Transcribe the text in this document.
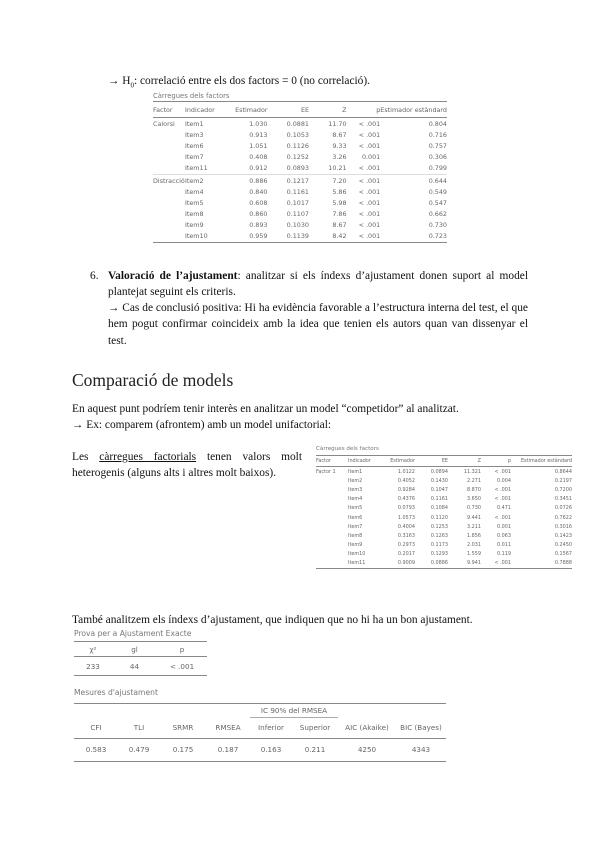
→ $H_0$: correlació entre els dos factors = 0 (no correlació).
Càrregues dels factors
Factor	Indicador	Estimador	EE	Z	p	Estimador estàndard
Calorsi	Item1	1.030	0.0881	11.70	< .001	0.804
	Item3	0.913	0.1053	8.67	< .001	0.716
	Item6	1.051	0.1126	9.33	< .001	0.757
	Item7	0.408	0.1252	3.26	0.001	0.306
	Item11	0.912	0.0893	10.21	< .001	0.799
Distracció	Item2	0.886	0.1217	7.20	< .001	0.644
	Item4	0.840	0.1161	5.86	< .001	0.549
	Item5	0.608	0.1017	5.98	< .001	0.547
	Item8	0.860	0.1107	7.86	< .001	0.662
	Item9	0.893	0.1030	8.67	< .001	0.730
	Item10	0.959	0.1139	8.42	< .001	0.723
6. Valoració de l’ajustament: analitzar si els índexs d’ajustament donen suport al model plantejat seguint els criteris.
→ Cas de conclusió positiva: Hi ha evidència favorable a l’estructura interna del test, el que hem pogut confirmar coincideix amb la idea que tenien els autors quan van dissenyar el test.
Comparació de models
En aquest punt podríem tenir interès en analitzar un model “competidor” al analitzat.
→ Ex: comparem (afrontem) amb un model unifactorial:
Les càrregues factorials tenen valors molt heterogenis (alguns alts i altres molt baixos).
Càrregues dels factors
Factor	Indicador	Estimador	EE	Z	p	Estimador estàndard
Factor 1	Item1	1.0122	0.0894	11.321	< .001	0.8644
	Item2	0.4052	0.1430	2.271	0.004	0.2197
	Item3	0.9284	0.1047	8.870	< .001	0.7200
	Item4	0.4376	0.1161	3.650	< .001	0.3451
	Item5	0.0793	0.1084	0.730	0.471	0.0726
	Item6	1.0573	0.1120	9.441	< .001	0.7622
	Item7	0.4004	0.1253	3.211	0.001	0.3016
	Item8	0.3163	0.1263	1.856	0.063	0.1423
	Item9	0.2973	0.1173	2.031	0.011	0.2450
	Item10	0.2017	0.1293	1.559	0.119	0.1567
	Item11	0.9009	0.0886	9.941	< .001	0.7888
També analitzem els índexs d’ajustament, que indiquen que no hi ha un bon ajustament.
Prova per a Ajustament Exacte
χ²	gl	p
233	44	< .001
Mesures d'ajustament
				IC 90% del RMSEA			
CFI	TLI	SRMR	RMSEA	Inferior	Superior	AIC (Akaike)	BIC (Bayes)
0.583	0.479	0.175	0.187	0.163	0.211	4250	4343
